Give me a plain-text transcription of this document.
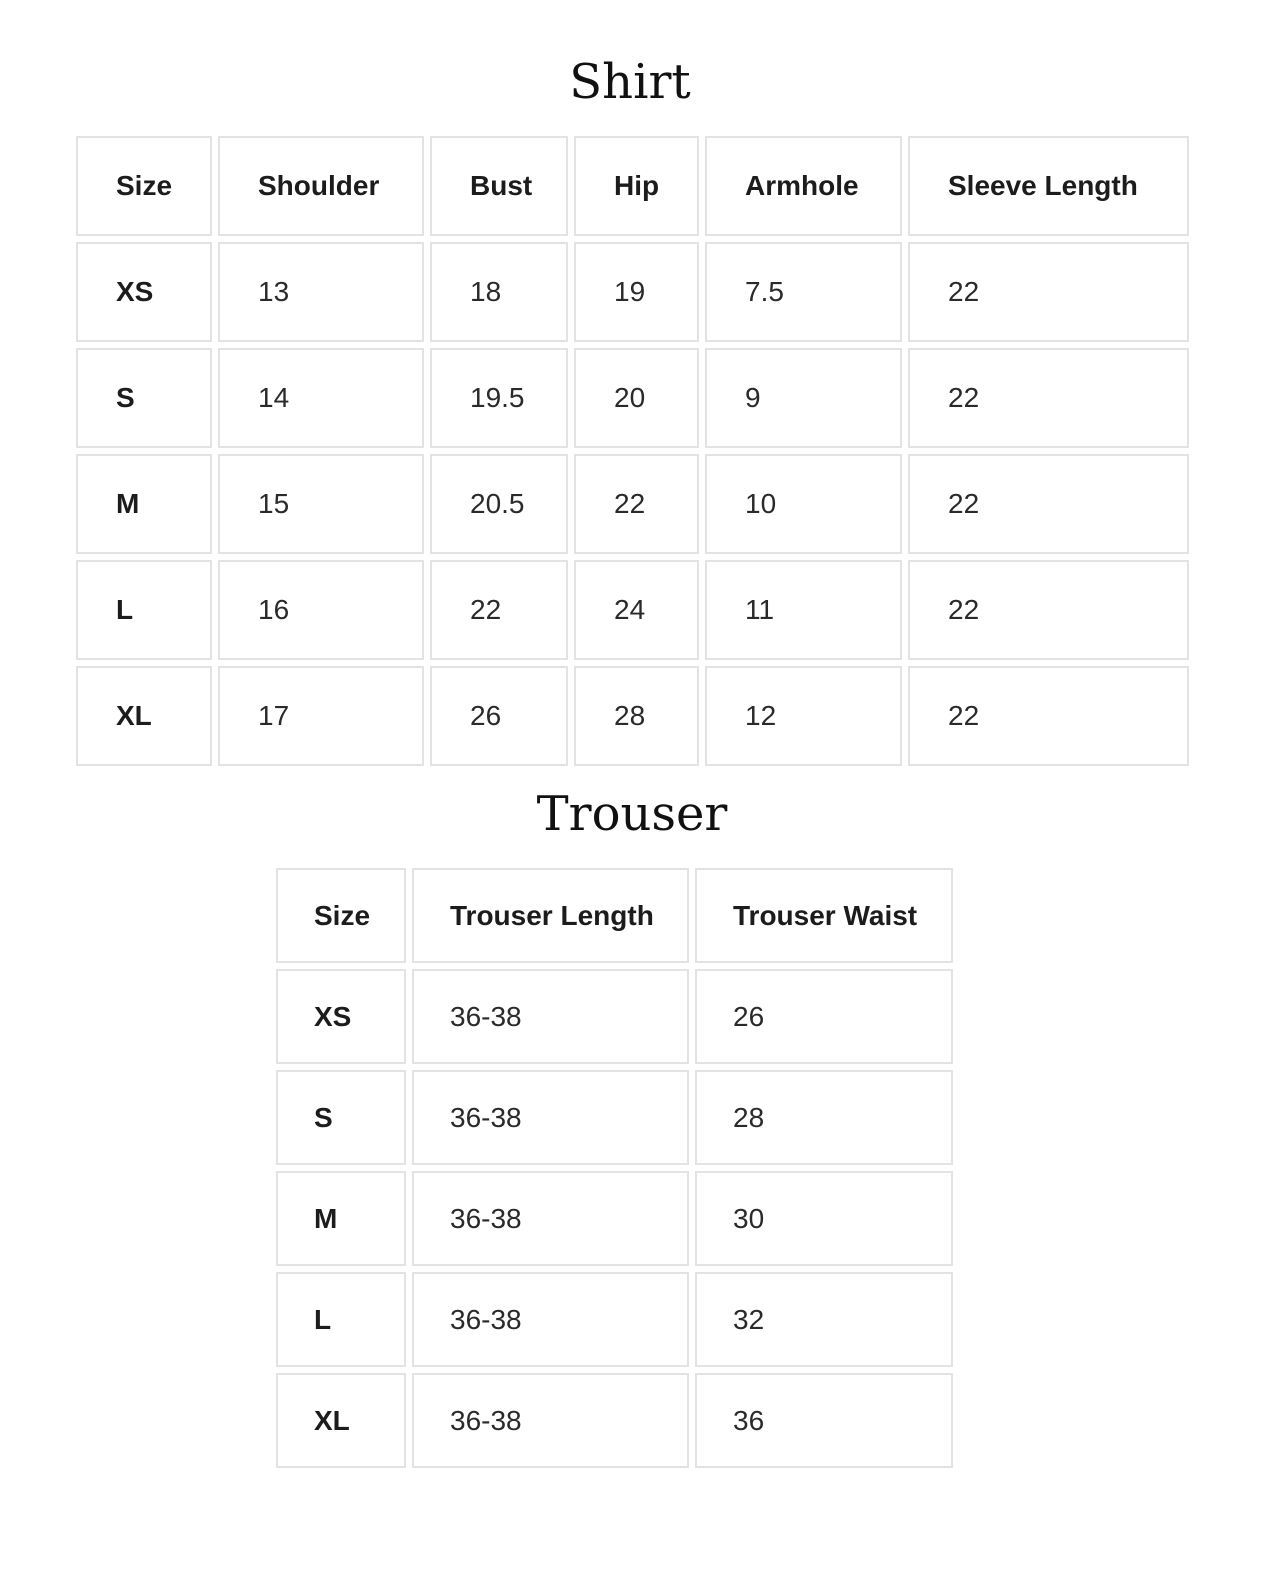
Shirt
Size	Shoulder	Bust	Hip	Armhole	Sleeve Length
XS	13	18	19	7.5	22
S	14	19.5	20	9	22
M	15	20.5	22	10	22
L	16	22	24	11	22
XL	17	26	28	12	22
Trouser
Size	Trouser Length	Trouser Waist
XS	36-38	26
S	36-38	28
M	36-38	30
L	36-38	32
XL	36-38	36
